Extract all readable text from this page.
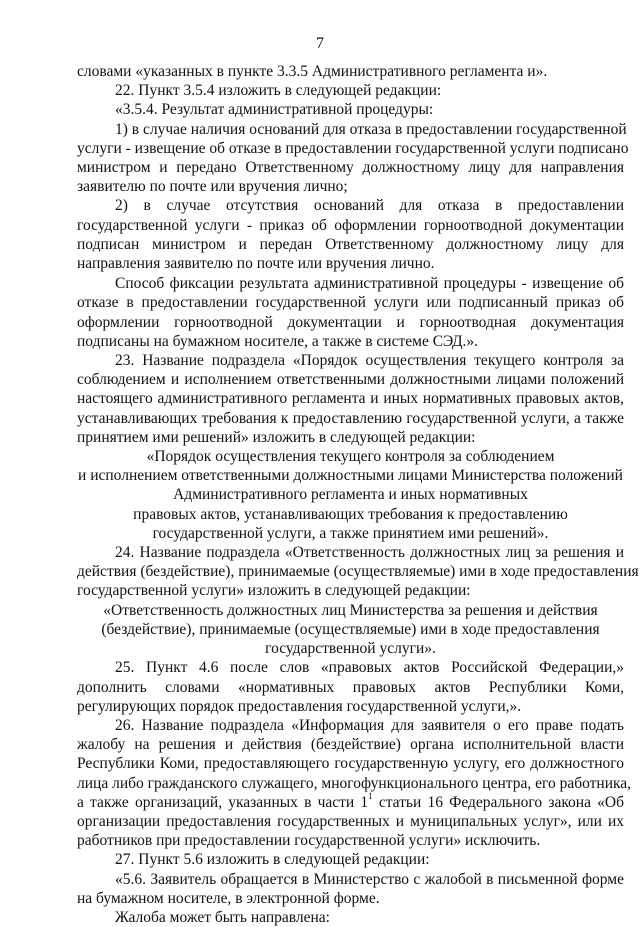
7
словами «указанных в пункте 3.3.5 Административного регламента и».
22. Пункт 3.5.4 изложить в следующей редакции:
«3.5.4. Результат административной процедуры:
1) в случае наличия оснований для отказа в предоставлении государственной
услуги - извещение об отказе в предоставлении государственной услуги подписано
министром и передано Ответственному должностному лицу для направления
заявителю по почте или вручения лично;
2) в случае отсутствия оснований для отказа в предоставлении
государственной услуги - приказ об оформлении горноотводной документации
подписан министром и передан Ответственному должностному лицу для
направления заявителю по почте или вручения лично.
Способ фиксации результата административной процедуры - извещение об
отказе в предоставлении государственной услуги или подписанный приказ об
оформлении горноотводной документации и горноотводная документация
подписаны на бумажном носителе, а также в системе СЭД.».
23. Название подраздела «Порядок осуществления текущего контроля за
соблюдением и исполнением ответственными должностными лицами положений
настоящего административного регламента и иных нормативных правовых актов,
устанавливающих требования к предоставлению государственной услуги, а также
принятием ими решений» изложить в следующей редакции:
«Порядок осуществления текущего контроля за соблюдением
и исполнением ответственными должностными лицами Министерства положений
Административного регламента и иных нормативных
правовых актов, устанавливающих требования к предоставлению
государственной услуги, а также принятием ими решений».
24. Название подраздела «Ответственность должностных лиц за решения и
действия (бездействие), принимаемые (осуществляемые) ими в ходе предоставления
государственной услуги» изложить в следующей редакции:
«Ответственность должностных лиц Министерства за решения и действия
(бездействие), принимаемые (осуществляемые) ими в ходе предоставления
государственной услуги».
25. Пункт 4.6 после слов «правовых актов Российской Федерации,»
дополнить словами «нормативных правовых актов Республики Коми,
регулирующих порядок предоставления государственной услуги,».
26. Название подраздела «Информация для заявителя о его праве подать
жалобу на решения и действия (бездействие) органа исполнительной власти
Республики Коми, предоставляющего государственную услугу, его должностного
лица либо гражданского служащего, многофункционального центра, его работника,
а также организаций, указанных в части $1^1$ статьи 16 Федерального закона «Об
организации предоставления государственных и муниципальных услуг», или их
работников при предоставлении государственной услуги» исключить.
27. Пункт 5.6 изложить в следующей редакции:
«5.6. Заявитель обращается в Министерство с жалобой в письменной форме
на бумажном носителе, в электронной форме.
Жалоба может быть направлена:
